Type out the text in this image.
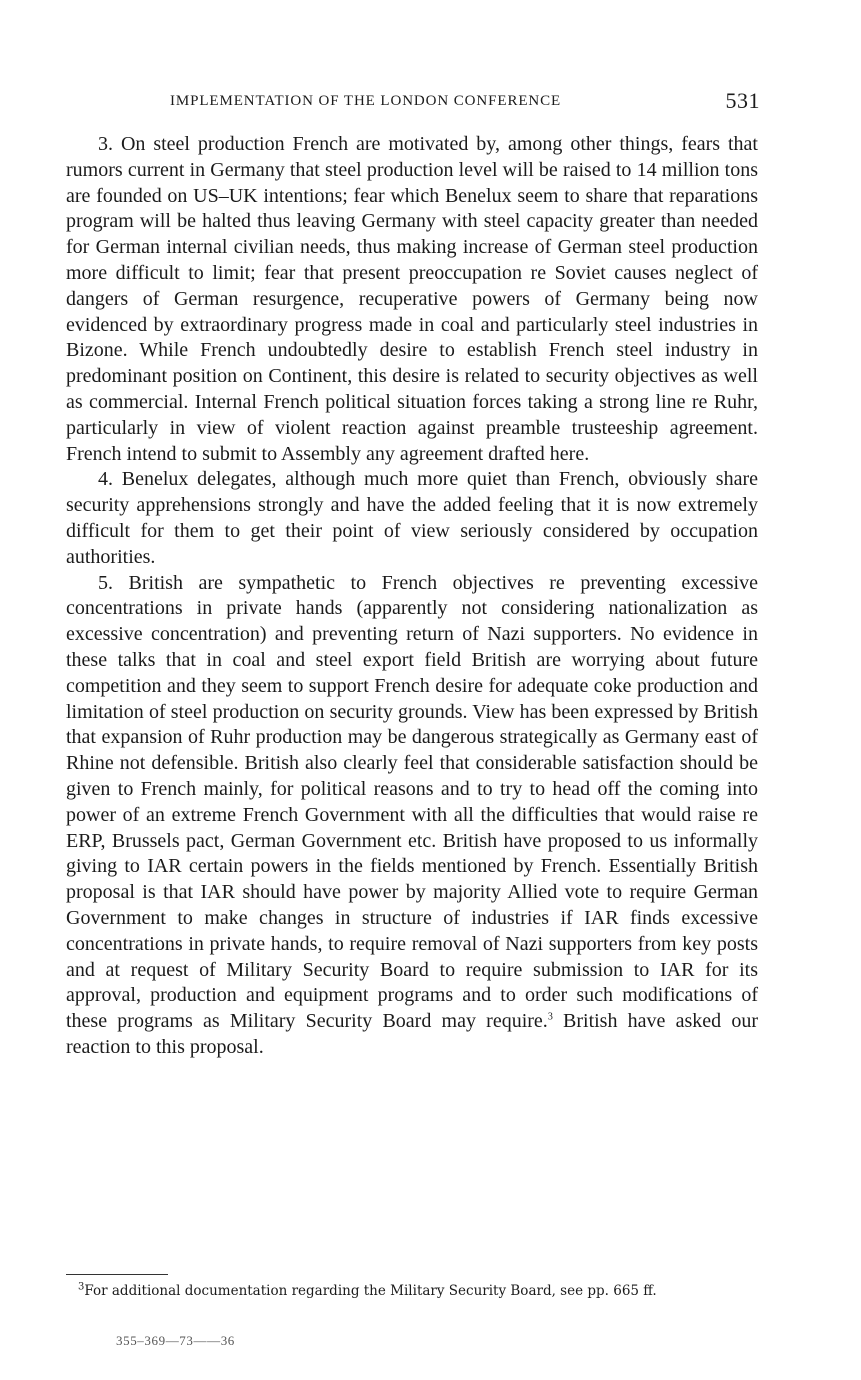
IMPLEMENTATION OF THE LONDON CONFERENCE	531

3. On steel production French are motivated by, among other things, fears that rumors current in Germany that steel production level will be raised to 14 million tons are founded on US–UK intentions; fear which Benelux seem to share that reparations program will be halted thus leaving Germany with steel capacity greater than needed for German internal civilian needs, thus making increase of German steel production more difficult to limit; fear that present preoccupation re Soviet causes neglect of dangers of German resurgence, recuperative powers of Germany being now evidenced by extraordinary progress made in coal and particularly steel industries in Bizone. While French undoubtedly desire to establish French steel industry in predominant position on Continent, this desire is related to security objectives as well as commercial. Internal French political situation forces taking a strong line re Ruhr, particularly in view of violent reaction against preamble trusteeship agreement. French intend to submit to Assembly any agreement drafted here.

4. Benelux delegates, although much more quiet than French, obviously share security apprehensions strongly and have the added feeling that it is now extremely difficult for them to get their point of view seriously considered by occupation authorities.

5. British are sympathetic to French objectives re preventing excessive concentrations in private hands (apparently not considering nationalization as excessive concentration) and preventing return of Nazi supporters. No evidence in these talks that in coal and steel export field British are worrying about future competition and they seem to support French desire for adequate coke production and limitation of steel production on security grounds. View has been expressed by British that expansion of Ruhr production may be dangerous strategically as Germany east of Rhine not defensible. British also clearly feel that considerable satisfaction should be given to French mainly, for political reasons and to try to head off the coming into power of an extreme French Government with all the difficulties that would raise re ERP, Brussels pact, German Government etc. British have proposed to us informally giving to IAR certain powers in the fields mentioned by French. Essentially British proposal is that IAR should have power by majority Allied vote to require German Government to make changes in structure of industries if IAR finds excessive concentrations in private hands, to require removal of Nazi supporters from key posts and at request of Military Security Board to require submission to IAR for its approval, production and equipment programs and to order such modifications of these programs as Military Security Board may require.$^3$ British have asked our reaction to this proposal.

$^3$For additional documentation regarding the Military Security Board, see pp. 665 ff.

355–369—73——36
